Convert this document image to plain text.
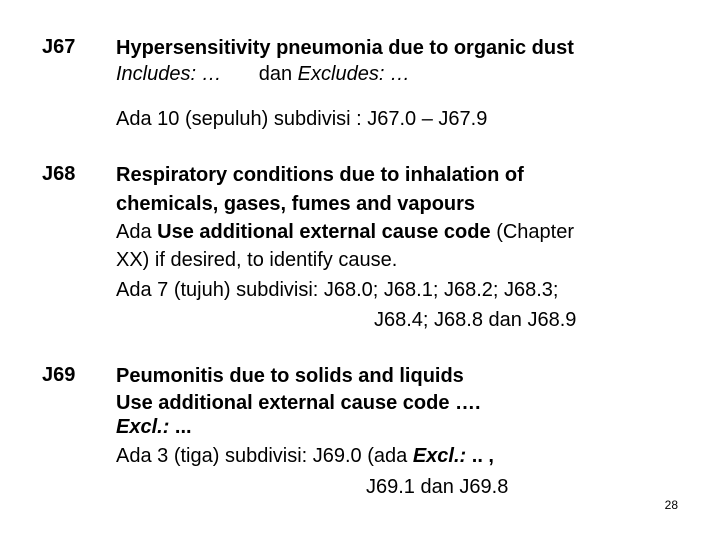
J67 Hypersensitivity pneumonia due to organic dust
Includes: … dan Excludes: …
Ada 10 (sepuluh) subdivisi : J67.0 – J67.9
J68 Respiratory conditions due to inhalation of
chemicals, gases, fumes and vapours
Ada Use additional external cause code (Chapter
XX) if desired, to identify cause.
Ada 7 (tujuh) subdivisi: J68.0; J68.1; J68.2; J68.3;
J68.4; J68.8 dan J68.9
J69 Peumonitis due to solids and liquids
Use additional external cause code ….
Excl.: ...
Ada 3 (tiga) subdivisi: J69.0 (ada Excl.: .. ,
J69.1 dan J69.8
28
